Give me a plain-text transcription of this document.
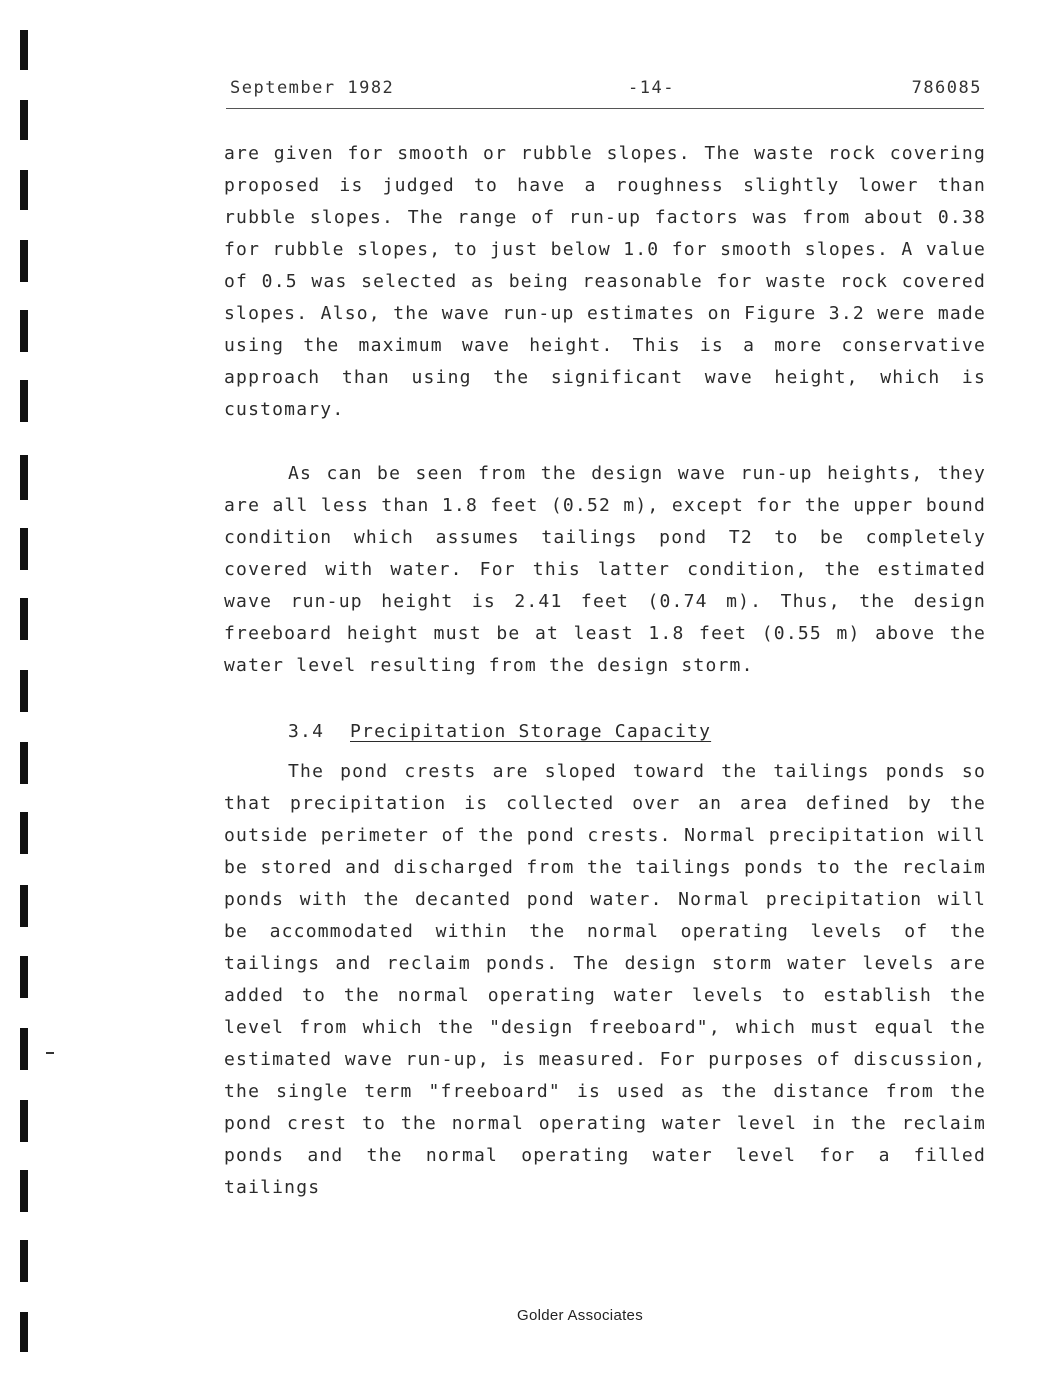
September 1982	-14-	786085

are given for smooth or rubble slopes. The waste rock covering proposed is judged to have a roughness slightly lower than rubble slopes. The range of run-up factors was from about 0.38 for rubble slopes, to just below 1.0 for smooth slopes. A value of 0.5 was selected as being reasonable for waste rock covered slopes. Also, the wave run-up estimates on Figure 3.2 were made using the maximum wave height. This is a more conservative approach than using the significant wave height, which is customary.

As can be seen from the design wave run-up heights, they are all less than 1.8 feet (0.52 m), except for the upper bound condition which assumes tailings pond T2 to be completely covered with water. For this latter condition, the estimated wave run-up height is 2.41 feet (0.74 m). Thus, the design freeboard height must be at least 1.8 feet (0.55 m) above the water level resulting from the design storm.

3.4 Precipitation Storage Capacity

The pond crests are sloped toward the tailings ponds so that precipitation is collected over an area defined by the outside perimeter of the pond crests. Normal precipitation will be stored and discharged from the tailings ponds to the reclaim ponds with the decanted pond water. Normal precipitation will be accommodated within the normal operating levels of the tailings and reclaim ponds. The design storm water levels are added to the normal operating water levels to establish the level from which the "design freeboard", which must equal the estimated wave run-up, is measured. For purposes of discussion, the single term "freeboard" is used as the distance from the pond crest to the normal operating water level in the reclaim ponds and the normal operating water level for a filled tailings

Golder Associates
